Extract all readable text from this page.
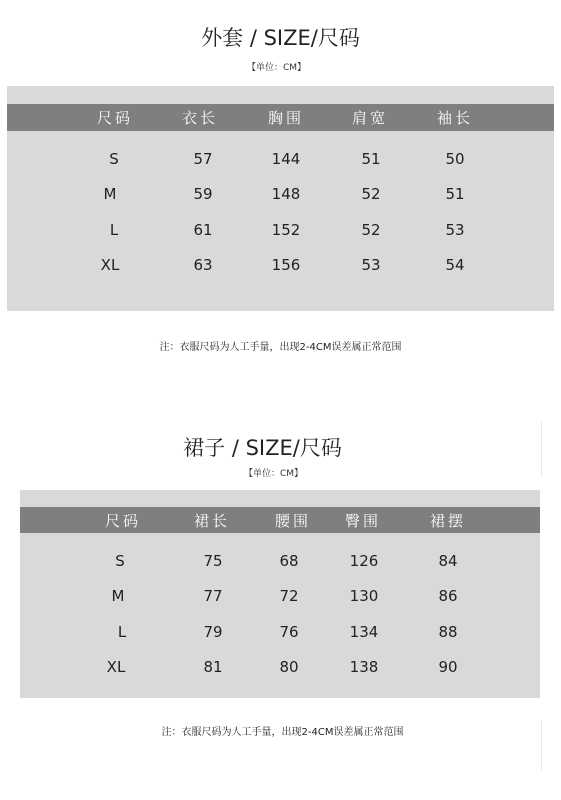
外套 / SIZE/尺码
【单位：CM】
尺码	衣长	胸围	肩宽	袖长
S	57	144	51	50
M	59	148	52	51
L	61	152	52	53
XL	63	156	53	54
注：衣服尺码为人工手量，出现2-4CM误差属正常范围
裙子 / SIZE/尺码
【单位：CM】
尺码	裙长	腰围	臀围	裙摆
S	75	68	126	84
M	77	72	130	86
L	79	76	134	88
XL	81	80	138	90
注：衣服尺码为人工手量，出现2-4CM误差属正常范围
